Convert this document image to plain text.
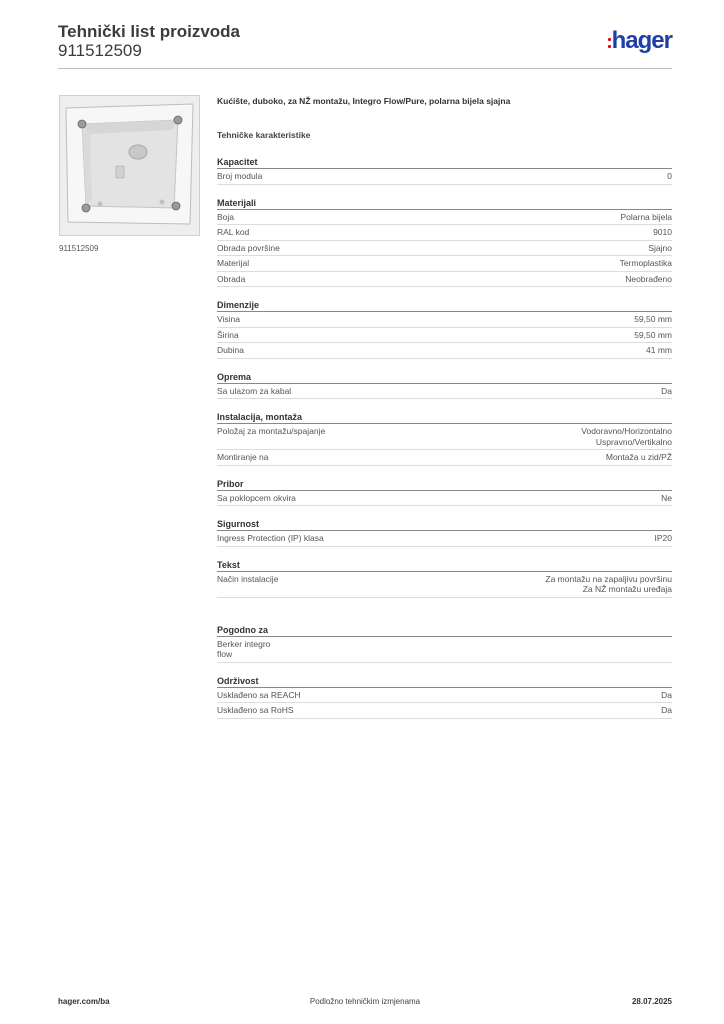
Tehnički list proizvoda
911512509	hager
911512509
Kućište, duboko, za NŽ montažu, Integro Flow/Pure, polarna bijela sjajna
Tehničke karakteristike
Kapacitet
Broj modula	0
Materijali
Boja	Polarna bijela
RAL kod	9010
Obrada površine	Sjajno
Materijal	Termoplastika
Obrada	Neobrađeno
Dimenzije
Visina	59,50 mm
Širina	59,50 mm
Dubina	41 mm
Oprema
Sa ulazom za kabal	Da
Instalacija, montaža
Položaj za montažu/spajanje	Vodoravno/Horizontalno
Uspravno/Vertikalno
Montiranje na	Montaža u zid/PŽ
Pribor
Sa poklopcem okvira	Ne
Sigurnost
Ingress Protection (IP) klasa	IP20
Tekst
Način instalacije	Za montažu na zapaljivu površinu
Za NŽ montažu uređaja
Pogodno za
Berker integro
flow
Održivost
Usklađeno sa REACH	Da
Usklađeno sa RoHS	Da
hager.com/ba	Podložno tehničkim izmjenama	28.07.2025
